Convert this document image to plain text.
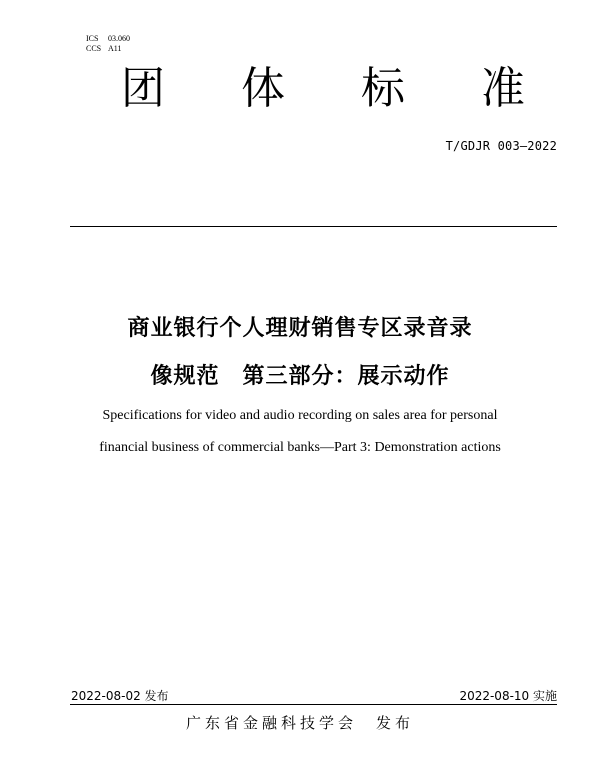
ICS 03.060
CCS A11
团 体 标 准
T/GDJR 003—2022
商业银行个人理财销售专区录音录
像规范　第三部分：展示动作
Specifications for video and audio recording on sales area for personal
financial business of commercial banks—Part 3: Demonstration actions
2022-08-02 发布	2022-08-10 实施
广东省金融科技学会　发布
